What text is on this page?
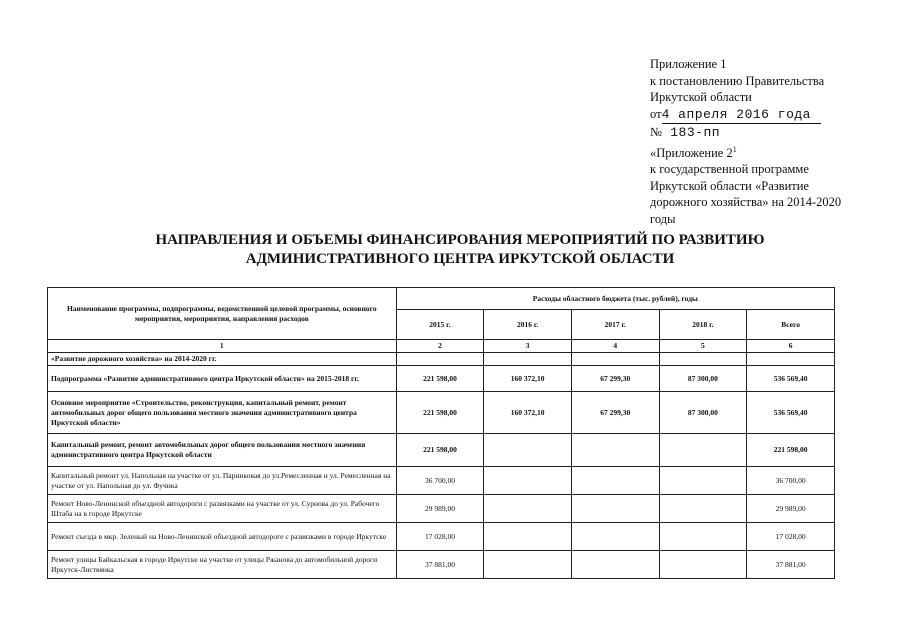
Приложение 1
к постановлению Правительства
Иркутской области
от4 апреля 2016 года
№ 183-пп
«Приложение $2^1$
к государственной программе
Иркутской области «Развитие
дорожного хозяйства» на 2014-2020
годы
НАПРАВЛЕНИЯ И ОБЪЕМЫ ФИНАНСИРОВАНИЯ МЕРОПРИЯТИЙ ПО РАЗВИТИЮ
АДМИНИСТРАТИВНОГО ЦЕНТРА ИРКУТСКОЙ ОБЛАСТИ
Наименование программы, подпрограммы, ведомственной целевой программы, основного мероприятия, мероприятия, направления расходов	Расходы областного бюджета (тыс. рублей), годы				
	2015 г.	2016 г.	2017 г.	2018 г.	Всего
1	2	3	4	5	6
«Развитие дорожного хозяйства» на 2014-2020 гг.					
Подпрограмма «Развитие административного центра Иркутской области» на 2015-2018 гг.	221 598,00	160 372,10	67 299,30	87 300,00	536 569,40
Основное мероприятие «Строительство, реконструкция, капитальный ремонт, ремонт автомобильных дорог общего пользования местного значения административного центра Иркутской области»	221 598,00	160 372,10	67 299,30	87 300,00	536 569,40
Капитальный ремонт, ремонт автомобильных дорог общего пользования местного значения административного центра Иркутской области	221 598,00				221 598,00
Капитальный ремонт ул. Напольная на участке от ул. Парниковая до ул.Ремесленная и ул. Ремесленная на участке от ул. Напольная до ул. Фучика	36 700,00				36 700,00
Ремонт Ново-Ленинской объездной автодороги с развязками на участке от ул. Сурнова до ул. Рабочего Штаба на в городе Иркутске	29 989,00				29 989,00
Ремонт съезда в мкр. Зеленый на Ново-Ленинской объездной автодороге с развязками в городе Иркутске	17 028,00				17 028,00
Ремонт улицы Байкальская в городе Иркутске на участке от улицы Ржанова до автомобильной дороги Иркутск-Листвянка	37 881,00				37 881,00
